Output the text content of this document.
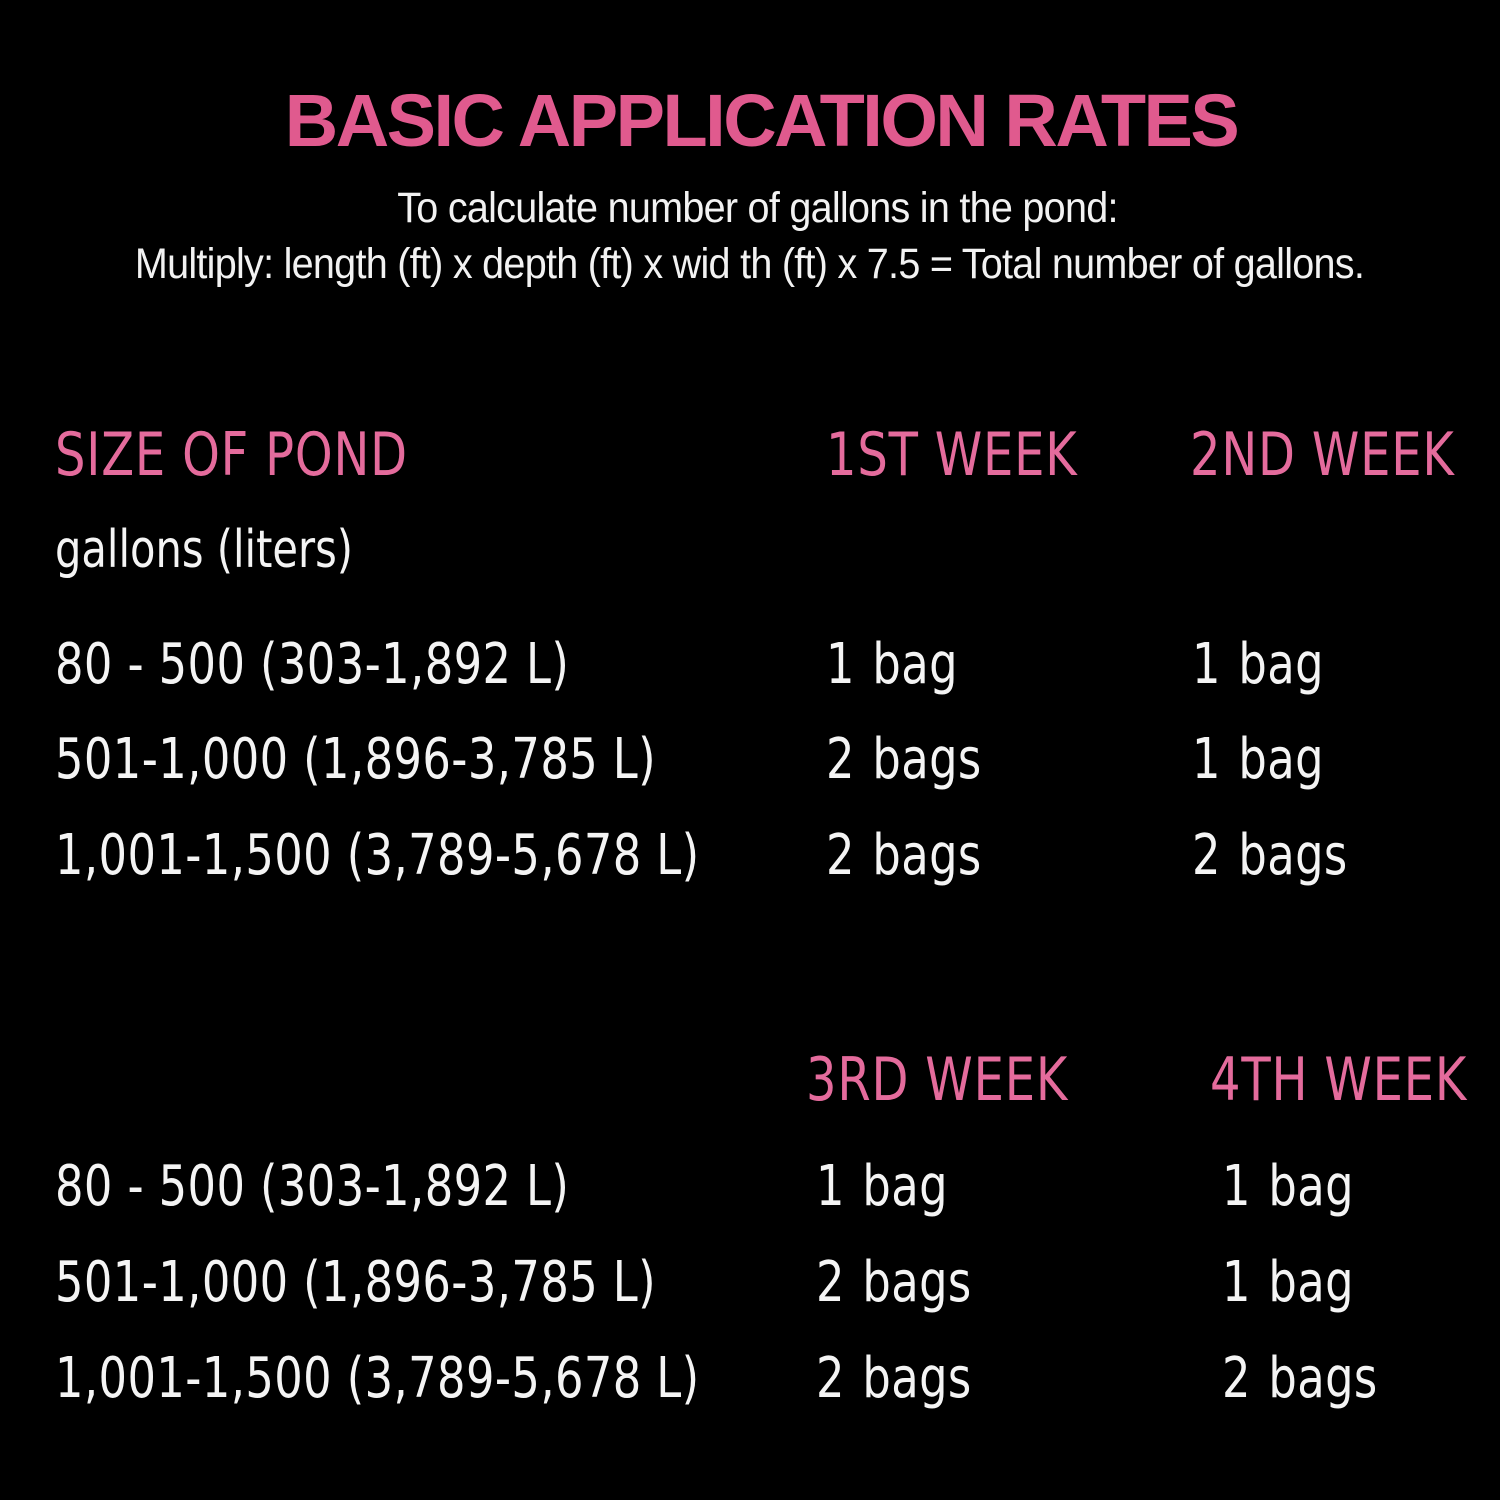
BASIC APPLICATION RATES
To calculate number of gallons in the pond:
Multiply: length (ft) x depth (ft) x wid th (ft) x 7.5 = Total number of gallons.
SIZE OF POND	1ST WEEK 2ND WEEK
gallons (liters)
80 - 500 (303-1,892 L)	1 bag	1 bag
501-1,000 (1,896-3,785 L)	2 bags	1 bag
1,001-1,500 (3,789-5,678 L) 2 bags	2 bags
3RD WEEK 4TH WEEK
80 - 500 (303-1,892 L)	1 bag	1 bag
501-1,000 (1,896-3,785 L)	2 bags	1 bag
1,001-1,500 (3,789-5,678 L) 2 bags	2 bags
